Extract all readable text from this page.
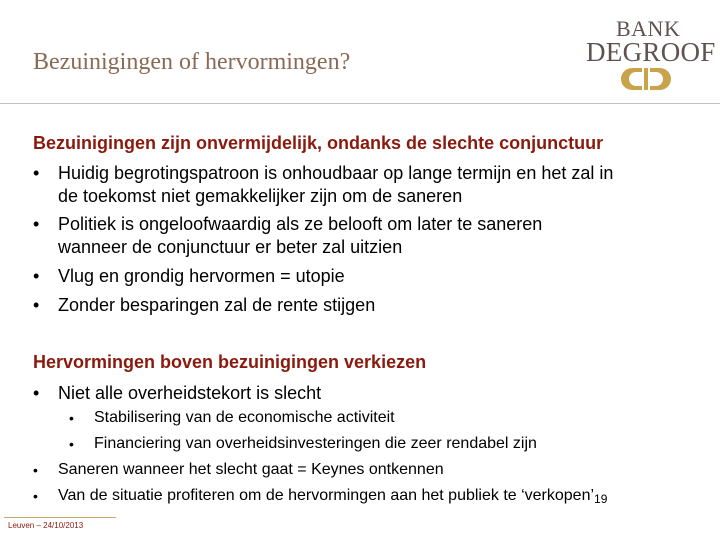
Bezuinigingen of hervormingen?
BANK
DEGROOF
Bezuinigingen zijn onvermijdelijk, ondanks de slechte conjunctuur
• Huidig begrotingspatroon is onhoudbaar op lange termijn en het zal in
de toekomst niet gemakkelijker zijn om de saneren
• Politiek is ongeloofwaardig als ze belooft om later te saneren
wanneer de conjunctuur er beter zal uitzien
• Vlug en grondig hervormen = utopie
• Zonder besparingen zal de rente stijgen
Hervormingen boven bezuinigingen verkiezen
• Niet alle overheidstekort is slecht
• Stabilisering van de economische activiteit
• Financiering van overheidsinvesteringen die zeer rendabel zijn
• Saneren wanneer het slecht gaat = Keynes ontkennen
• Van de situatie profiteren om de hervormingen aan het publiek te ‘verkopen’19
Leuven – 24/10/2013
